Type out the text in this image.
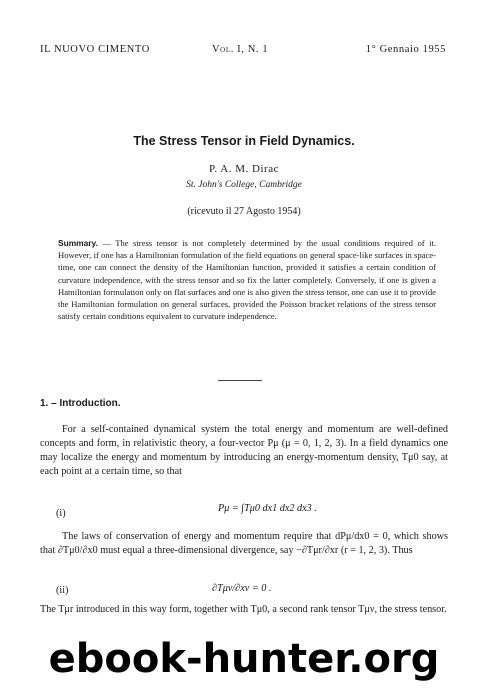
IL NUOVO CIMENTO	Vol. I, N. 1	1° Gennaio 1955
The Stress Tensor in Field Dynamics.
P. A. M. Dirac
St. John's College, Cambridge
(ricevuto il 27 Agosto 1954)
Summary. — The stress tensor is not completely determined by the usual conditions required of it. However, if one has a Hamiltonian formulation of the field equations on general space-like surfaces in space-time, one can connect the density of the Hamiltonian function, provided it satisfies a certain condition of curvature independence, with the stress tensor and so fix the latter completely. Conversely, if one is given a Hamiltonian formulation only on flat surfaces and one is also given the stress tensor, one can use it to provide the Hamiltonian formulation on general surfaces, provided the Poisson bracket relations of the stress tensor satisfy certain conditions equivalent to curvature independence.
1. – Introduction.
For a self-contained dynamical system the total energy and momentum are well-defined concepts and form, in relativistic theory, a four-vector Pμ (μ = 0, 1, 2, 3). In a field dynamics one may localize the energy and momentum by introducing an energy-momentum density, Tμ0 say, at each point at a certain time, so that
(i)	Pμ = ∫Tμ0 dx1 dx2 dx3 .
The laws of conservation of energy and momentum require that dPμ/dx0 = 0, which shows that ∂Tμ0/∂x0 must equal a three-dimensional divergence, say −∂Tμr/∂xr (r = 1, 2, 3). Thus
(ii)	∂Tμν/∂xν = 0 .
The Tμr introduced in this way form, together with Tμ0, a second rank tensor Tμν, the stress tensor.
ebook-hunter.org
